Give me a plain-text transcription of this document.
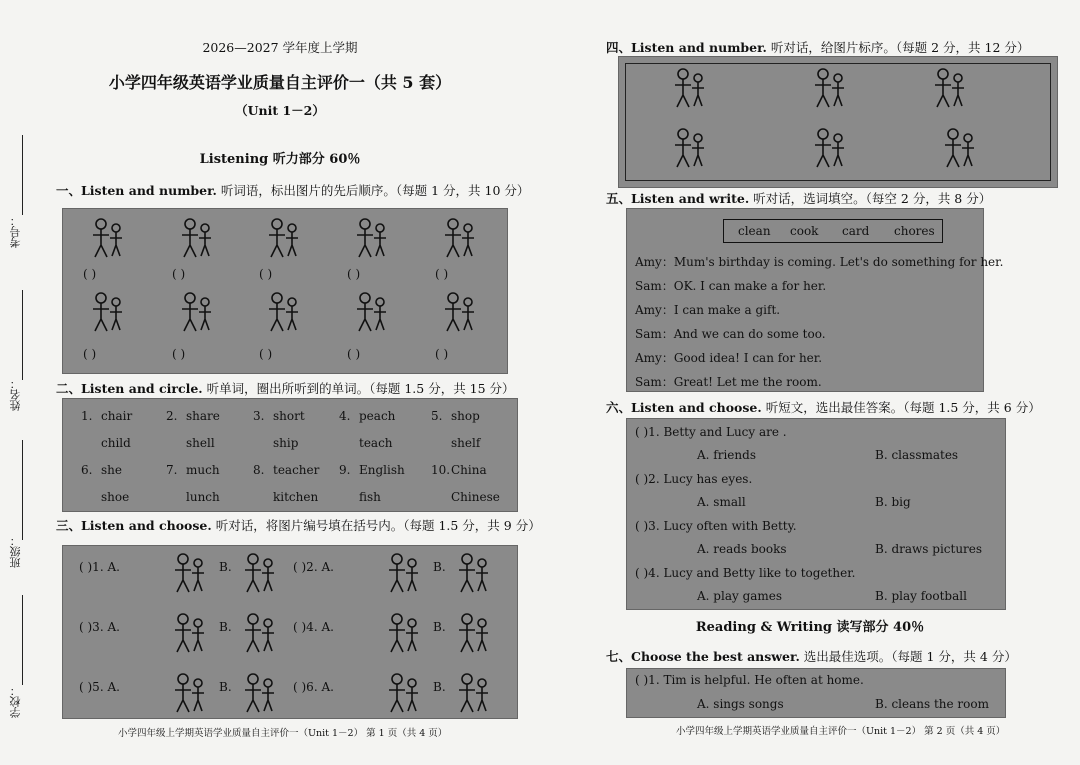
考号：
姓名：
班级：
学校：
2026—2027 学年度上学期
小学四年级英语学业质量自主评价一（共 5 套）
（Unit 1－2）
Listening 听力部分 60％
一、Listen and number. 听词语，标出图片的先后顺序。（每题 1 分，共 10 分）
( )	( )	( )	( )	( )
( )	( )	( )	( )	( )
二、Listen and circle. 听单词，圈出所听到的单词。（每题 1.5 分，共 15 分）
1. chair	2. share	3. short	4. peach	5. shop
child	shell	ship	teach	shelf
6. she	7. much	8. teacher 9. English 10. China
shoe	lunch	kitchen	fish	Chinese
三、Listen and choose. 听对话，将图片编号填在括号内。（每题 1.5 分，共 9 分）
( )1. A.	B.	( )2. A.	B.
( )3. A.	B.	( )4. A.	B.
( )5. A.	B.	( )6. A.	B.
小学四年级上学期英语学业质量自主评价一（Unit 1－2） 第 1 页（共 4 页）
四、Listen and number. 听对话，给图片标序。（每题 2 分，共 12 分）
五、Listen and write. 听对话，选词填空。（每空 2 分，共 8 分）
clean cook card chores
Amy：Mum's birthday is coming. Let's do something for her.
Sam：OK. I can make a for her.
Amy：I can make a gift.
Sam：And we can do some too.
Amy：Good idea! I can for her.
Sam：Great! Let me the room.
六、Listen and choose. 听短文，选出最佳答案。（每题 1.5 分，共 6 分）
( )1. Betty and Lucy are .
A. friends	B. classmates
( )2. Lucy has eyes.
A. small	B. big
( )3. Lucy often with Betty.
A. reads books	B. draws pictures
( )4. Lucy and Betty like to together.
A. play games	B. play football
Reading & Writing 读写部分 40％
七、Choose the best answer. 选出最佳选项。（每题 1 分，共 4 分）
( )1. Tim is helpful. He often at home.
A. sings songs	B. cleans the room
小学四年级上学期英语学业质量自主评价一（Unit 1－2） 第 2 页（共 4 页）
